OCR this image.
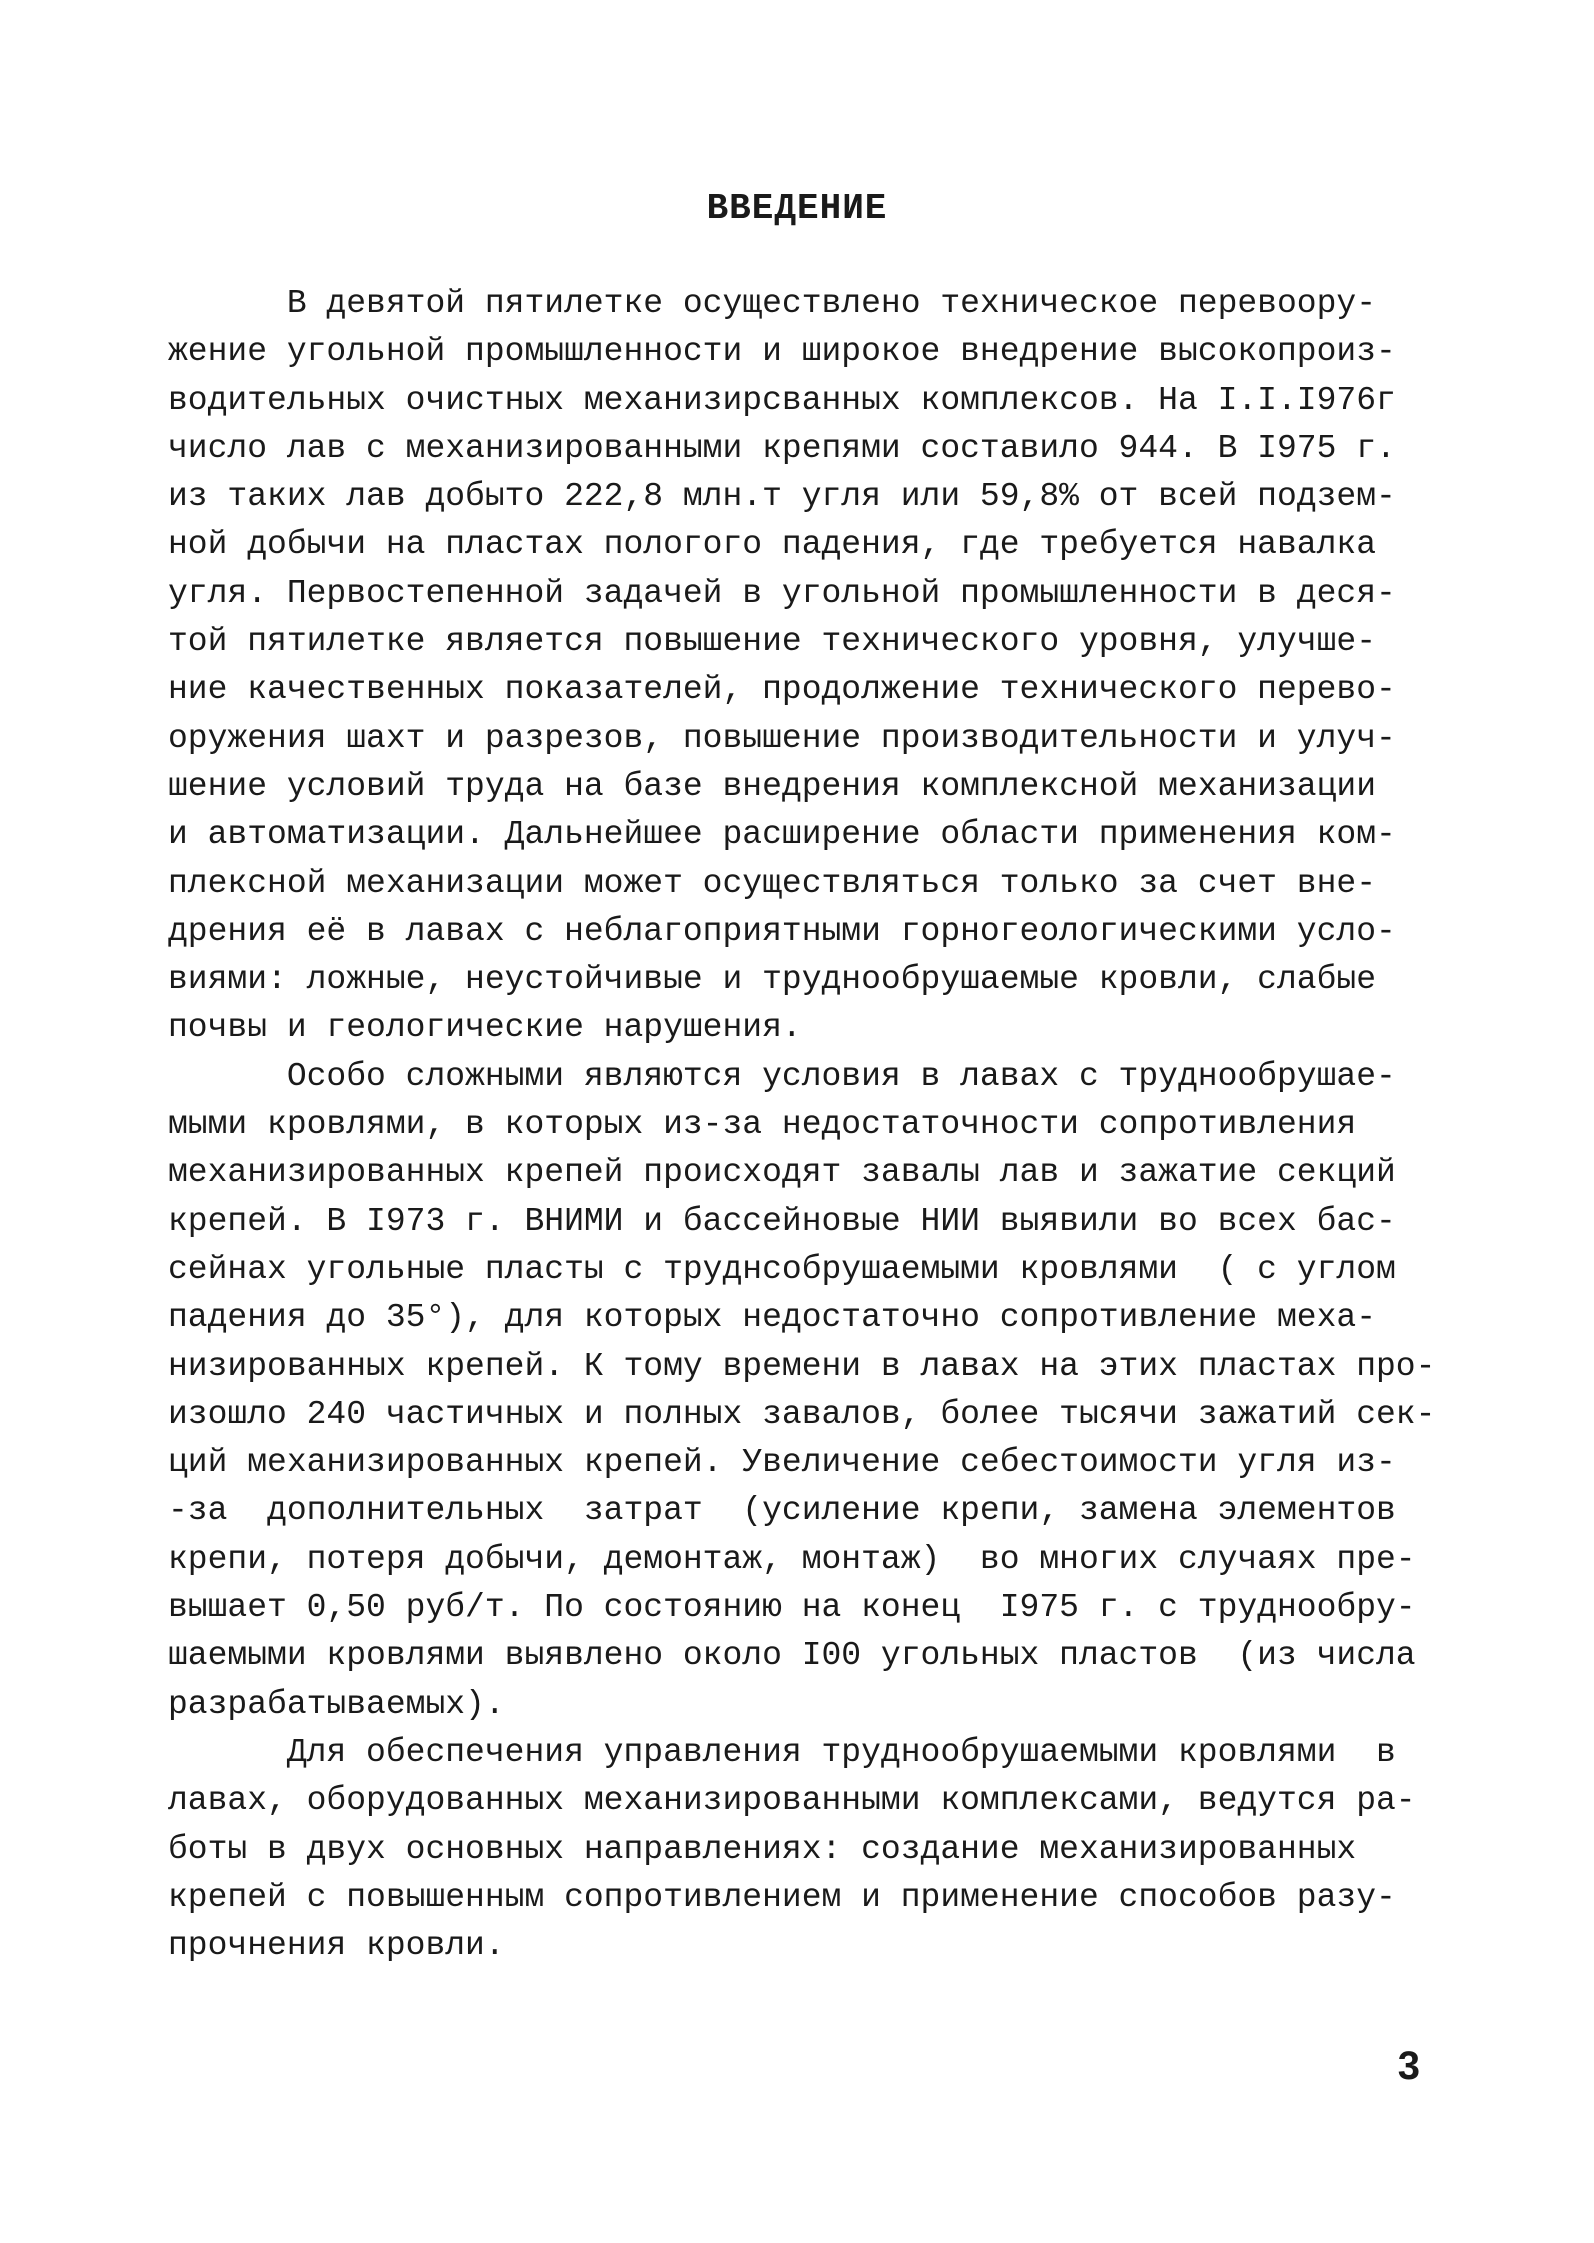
ВВЕДЕНИЕ
В девятой пятилетке осуществлено техническое перевоору-
жение угольной промышленности и широкое внедрение высокопроиз-
водительных очистных механизирсванных комплексов. На I.I.I976г
число лав с механизированными крепями составило 944. В I975 г.
из таких лав добыто 222,8 млн.т угля или 59,8% от всей подзем-
ной добычи на пластах пологого падения, где требуется навалка
угля. Первостепенной задачей в угольной промышленности в деся-
той пятилетке является повышение технического уровня, улучше-
ние качественных показателей, продолжение технического перево-
оружения шахт и разрезов, повышение производительности и улуч-
шение условий труда на базе внедрения комплексной механизации
и автоматизации. Дальнейшее расширение области применения ком-
плексной механизации может осуществляться только за счет вне-
дрения её в лавах с неблагоприятными горногеологическими усло-
виями: ложные, неустойчивые и труднообрушаемые кровли, слабые
почвы и геологические нарушения.
Особо сложными являются условия в лавах с труднообрушае-
мыми кровлями, в которых из-за недостаточности сопротивления
механизированных крепей происходят завалы лав и зажатие секций
крепей. В I973 г. ВНИМИ и бассейновые НИИ выявили во всех бас-
сейнах угольные пласты с труднсобрушаемыми кровлями  ( с углом
падения до 35°), для которых недостаточно сопротивление меха-
низированных крепей. К тому времени в лавах на этих пластах про-
изошло 240 частичных и полных завалов, более тысячи зажатий сек-
ций механизированных крепей. Увеличение себестоимости угля из-
-за  дополнительных  затрат  (усиление крепи, замена элементов
крепи, потеря добычи, демонтаж, монтаж)  во многих случаях пре-
вышает 0,50 руб/т. По состоянию на конец  I975 г. с труднообру-
шаемыми кровлями выявлено около I00 угольных пластов  (из числа
разрабатываемых).
Для обеспечения управления труднообрушаемыми кровлями  в
лавах, оборудованных механизированными комплексами, ведутся ра-
боты в двух основных направлениях: создание механизированных
крепей с повышенным сопротивлением и применение способов разу-
прочнения кровли.
3
